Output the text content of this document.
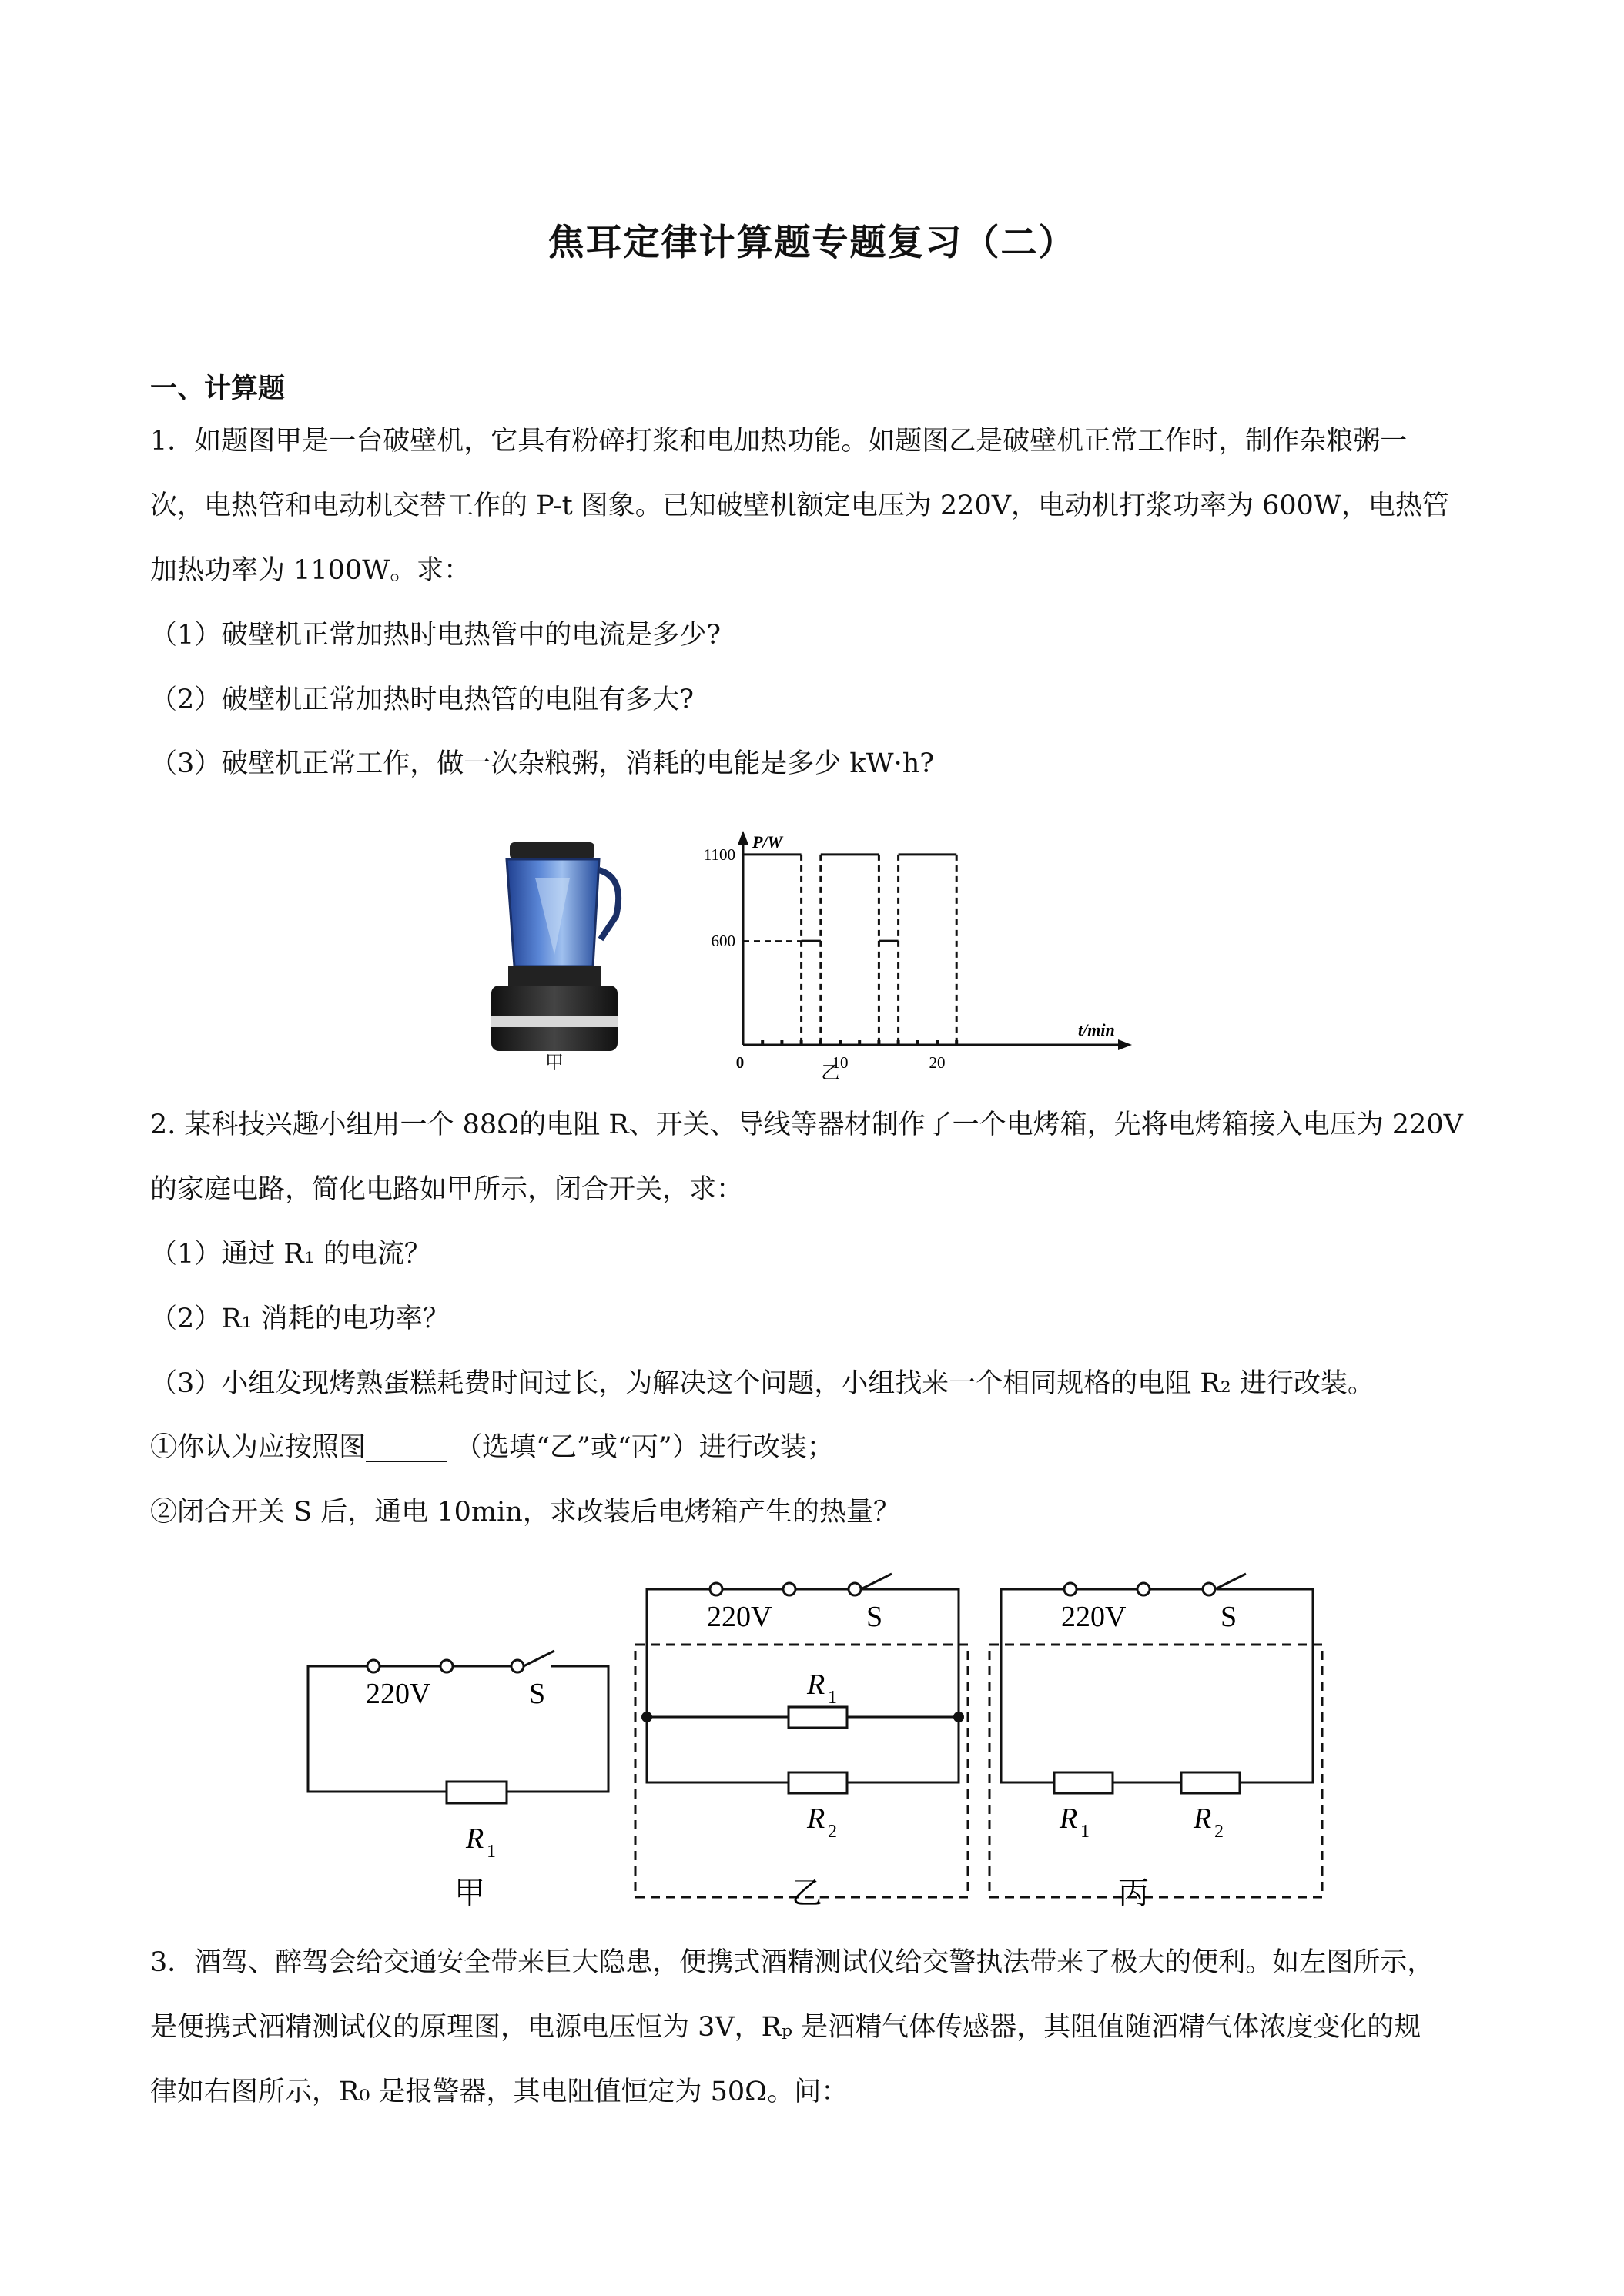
焦耳定律计算题专题复习（二）
一、计算题
1．如题图甲是一台破壁机，它具有粉碎打浆和电加热功能。如题图乙是破壁机正常工作时，制作杂粮粥一
次，电热管和电动机交替工作的 P-t 图象。已知破壁机额定电压为 220V，电动机打浆功率为 600W，电热管
加热功率为 1100W。求：
（1）破壁机正常加热时电热管中的电流是多少?
（2）破壁机正常加热时电热管的电阻有多大?
（3）破壁机正常工作，做一次杂粮粥，消耗的电能是多少 kW·h?
甲
P/W
t/min
600
1100
0	10	20
乙
2. 某科技兴趣小组用一个 88Ω的电阻 R、开关、导线等器材制作了一个电烤箱，先将电烤箱接入电压为 220V
的家庭电路，简化电路如甲所示，闭合开关，求：
（1）通过 R₁ 的电流？
（2）R₁ 消耗的电功率？
（3）小组发现烤熟蛋糕耗费时间过长，为解决这个问题，小组找来一个相同规格的电阻 R₂ 进行改装。
①你认为应按照图______ （选填“乙”或“丙”）进行改装；
②闭合开关 S 后，通电 10min，求改装后电烤箱产生的热量？
220V	S
R 1
甲
220V	S
R 1
R 2
乙
220V	S
R 1	R 2
丙
3．酒驾、醉驾会给交通安全带来巨大隐患，便携式酒精测试仪给交警执法带来了极大的便利。如左图所示，
是便携式酒精测试仪的原理图，电源电压恒为 3V，Rₚ 是酒精气体传感器，其阻值随酒精气体浓度变化的规
律如右图所示，R₀ 是报警器，其电阻值恒定为 50Ω。问：
